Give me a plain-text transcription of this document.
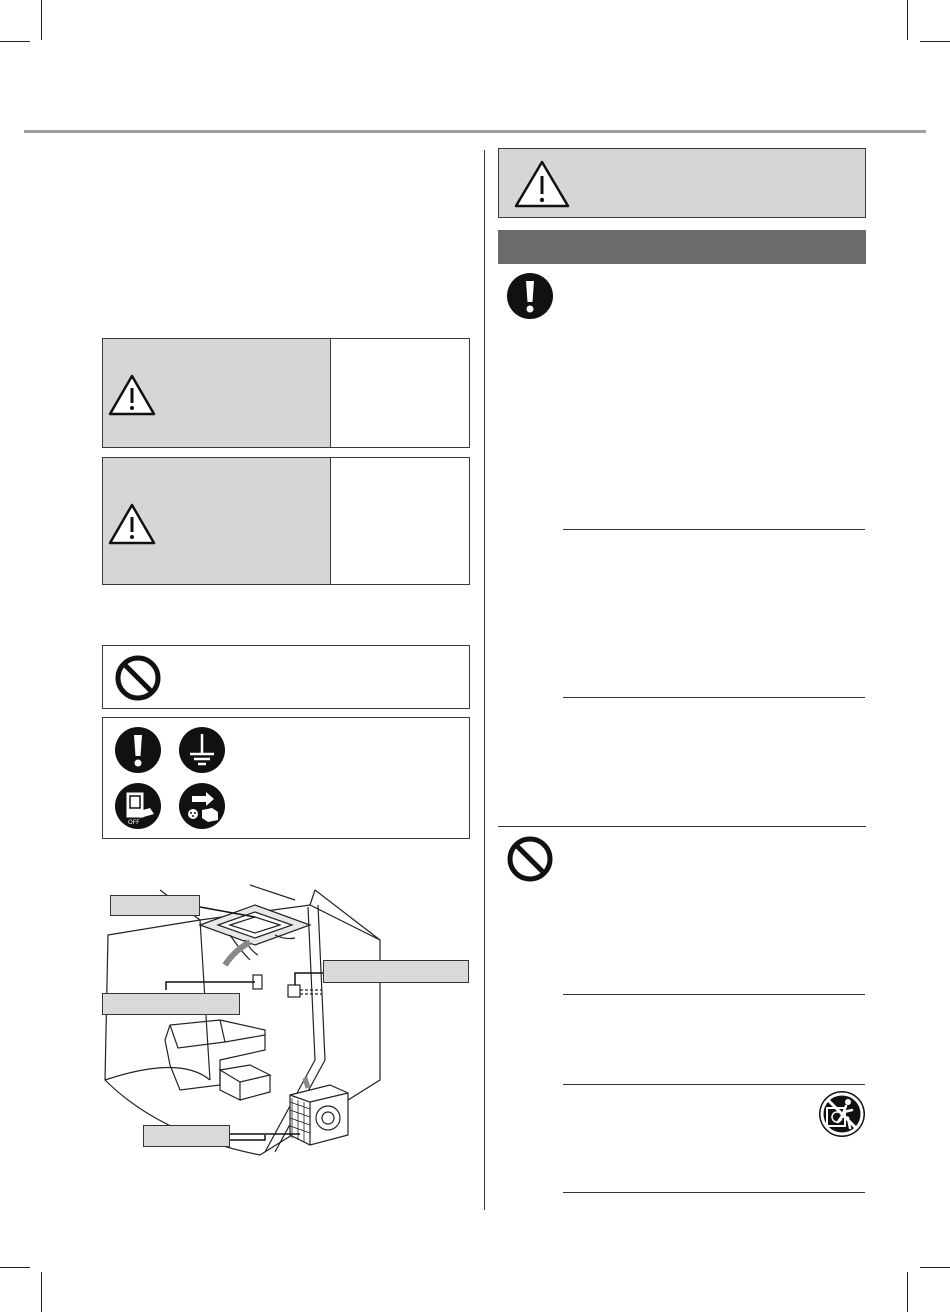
OFF
